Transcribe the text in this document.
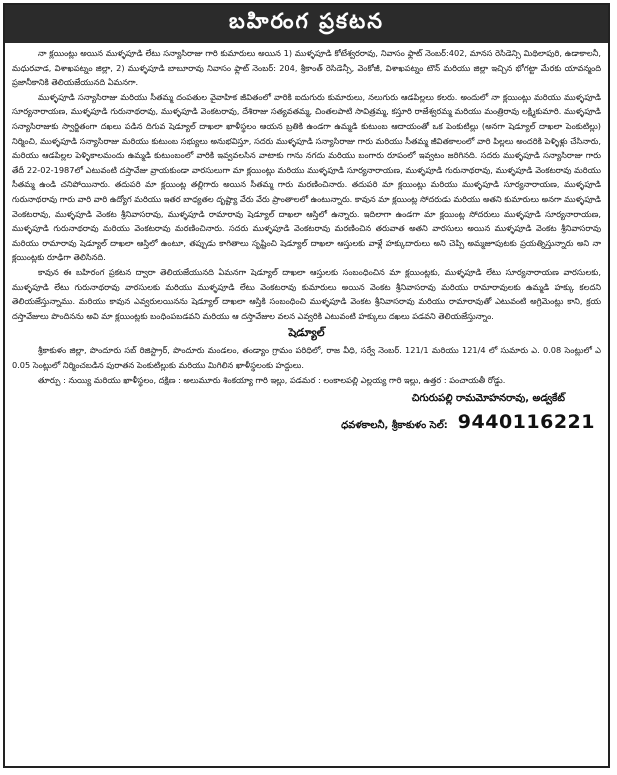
బహిరంగ ప్రకటన

నా క్లయింట్లు అయిన ముళ్ళపూడి లేటు సన్యాసిరాజు గారి కుమారులు అయిన 1) ముళ్ళపూడి కోటేశ్వరరావు, నివాసం ఫ్లాట్ నెంబర్:402, మానస రెసిడెన్సి మిథిలాపురి, ఉడాకాలనీ, మధురవాడ, విశాఖపట్నం జిల్లా, 2) ముళ్ళపూడి బాబూరావు నివాసం ఫ్లాట్ నెంబర్: 204, శ్రీకాంత్ రెసిడెన్సీ, వెంకోజీ, విశాఖపట్నం టౌన్ మరియు జిల్లా ఇచ్చిన భోగట్టా మేరకు యావన్మంది ప్రజానీకానికి తెలియజేయునది ఏమనగా.

ముళ్ళపూడి సన్యాసిరాజు మరియు సీతమ్మ దంపతుల వైవాహిక జీవితంలో వారికి ఐదుగురు కుమారులు, నలుగురు ఆడపిల్లలు కలరు. అందులో నా క్లయింట్లు మరియు ముళ్ళపూడి సూర్యనారాయణ, ముళ్ళపూడి గురునాథరావు, ముళ్ళపూడి వెంకటరావు, దేశిరాజు సత్యవతమ్మ, చింతలపాటి సావిత్రమ్మ, కస్తూరి రాజేశ్వరమ్మ మరియు మంత్రిరావు లక్ష్మికుమారి. ముళ్ళపూడి సన్యాసిరాజుకు స్వార్జితంగా దఖలు పడిన దిగువ షెడ్యూల్ దాఖలా ఖాళీస్థలం ఆయన బ్రతికి ఉండగా ఉమ్మడి కుటుంబ ఆదాయంతో ఒక పెంకుటిల్లు (అనగా షెడ్యూల్ దాఖలా పెంకుటిల్లు) నిర్మించి, ముళ్ళపూడి సన్యాసిరాజు మరియు కుటుంబ సభ్యులు అనుభవిస్తూ, సదరు ముళ్ళపూడి సన్యాసిరాజు గారు మరియు సీతమ్మ జీవితకాలంలో వారి పిల్లలు అందరికి పెళ్ళిళ్లు చేసినారు, మరియు ఆడపిల్లల పెళ్ళికాలమందు ఉమ్మడి కుటుంబంలో వారికి ఇవ్వవలసిన వాటాకు గాను నగదు మరియు బంగారు రూపంలో ఇవ్వటం జరిగినది. సదరు ముళ్ళపూడి సన్యాసిరాజు గారు తేదీ 22-02-1987లో ఎటువంటి దస్తావేజు వ్రాయకుండా వారసులుగా మా క్లయింట్లు మరియు ముళ్ళపూడి సూర్యనారాయణ, ముళ్ళపూడి గురునాథరావు, ముళ్ళపూడి వెంకటరావు మరియు సీతమ్మ ఉండి చనిపోయినారు. తదుపరి మా క్లయింట్ల తల్లిగారు అయిన సీతమ్మ గారు మరణించినారు. తదుపరి మా క్లయింట్లు మరియు ముళ్ళపూడి సూర్యనారాయణ, ముళ్ళపూడి గురునాథరావు గారు వారి వారి ఉద్యోగ మరియు ఇతర బాధ్యతల దృష్ట్యా వేరు వేరు ప్రాంతాలలో ఉంటున్నారు. కావున మా క్లయింట్ల సోదరుడు మరియు అతని కుమారులు అనగా ముళ్ళపూడి వెంకటరావు, ముళ్ళపూడి వెంకట శ్రీనివాసరావు, ముళ్ళపూడి రామారావు షెడ్యూల్ దాఖలా ఆస్తిలో ఉన్నారు. ఇదిలాగా ఉండగా మా క్లయింట్ల సోదరులు ముళ్ళపూడి సూర్యనారాయణ, ముళ్ళపూడి గురునాథరావు మరియు వెంకటరావు మరణించినారు. సదరు ముళ్ళపూడి వెంకటరావు మరణించిన తరువాత అతని వారసులు అయిన ముళ్ళపూడి వెంకట శ్రీనివాసరావు మరియు రామారావు షెడ్యూల్ దాఖలా ఆస్తిలో ఉంటూ, తప్పుడు కాగితాలు సృష్టించి షెడ్యూల్ దాఖలా ఆస్తులకు వాళ్లే హక్కుదారులు అని చెప్పి అమ్మజూపుటకు ప్రయత్నిస్తున్నారు అని నా క్లయింట్లకు రూఢిగా తెలిసినది.

కావున ఈ బహిరంగ ప్రకటన ద్వారా తెలియజేయునది ఏమనగా షెడ్యూల్ దాఖలా ఆస్తులకు సంబంధించిన మా క్లయింట్లకు, ముళ్ళపూడి లేటు సూర్యనారాయణ వారసులకు, ముళ్ళపూడి లేటు గురునాథరావు వారసులకు మరియు ముళ్ళపూడి లేటు వెంకటరావు కుమారులు అయిన వెంకట శ్రీనివాసరావు మరియు రామారావులకు ఉమ్మడి హక్కు కలదని తెలియజేస్తున్నాము. మరియు కావున ఎవ్వరులయినను షెడ్యూల్ దాఖలా ఆస్తికి సంబంధించి ముళ్ళపూడి వెంకట శ్రీనివాసరావు మరియు రామారావుతో ఎటువంటి అగ్రిమెంట్లు కాని, క్రయ దస్తావేజులు పొందినను అవి మా క్లయింట్లకు బంధింపబడవని మరియు ఆ దస్తావేజుల వలన ఎవ్వరికి ఎటువంటి హక్కులు దఖలు పడవని తెలియజేస్తున్నాం.

షెడ్యూల్

శ్రీకాకుళం జిల్లా, పొందూరు సబ్ రిజిస్ట్రార్, పొందూరు మండలం, తండ్యాం గ్రామం పరిధిలో, రాజ వీధి, సర్వే నెంబర్. 121/1 మరియు 121/4 లో సుమారు ఎ. 0.08 సెంట్లులో ఎ 0.05 సెంట్లులో నిర్మించబడిన పురాతన పెంకుటిల్లుకు మరియు మిగిలిన ఖాళీస్థలంకు హద్దులు.

తూర్పు : నుయ్యి మరియు ఖాళీస్థలం, దక్షిణ : అలుమూరు శింకయ్యా గారి ఇల్లు, పడమర : లంకాలపల్లి ఎల్లయ్య గారి ఇల్లు, ఉత్తర : పంచాయతీ రోడ్డు.

చిగురుపల్లి రామమోహనరావు, అడ్వకేట్
ధవళకాలనీ, శ్రీకాకుళం సెల్: 9440116221
